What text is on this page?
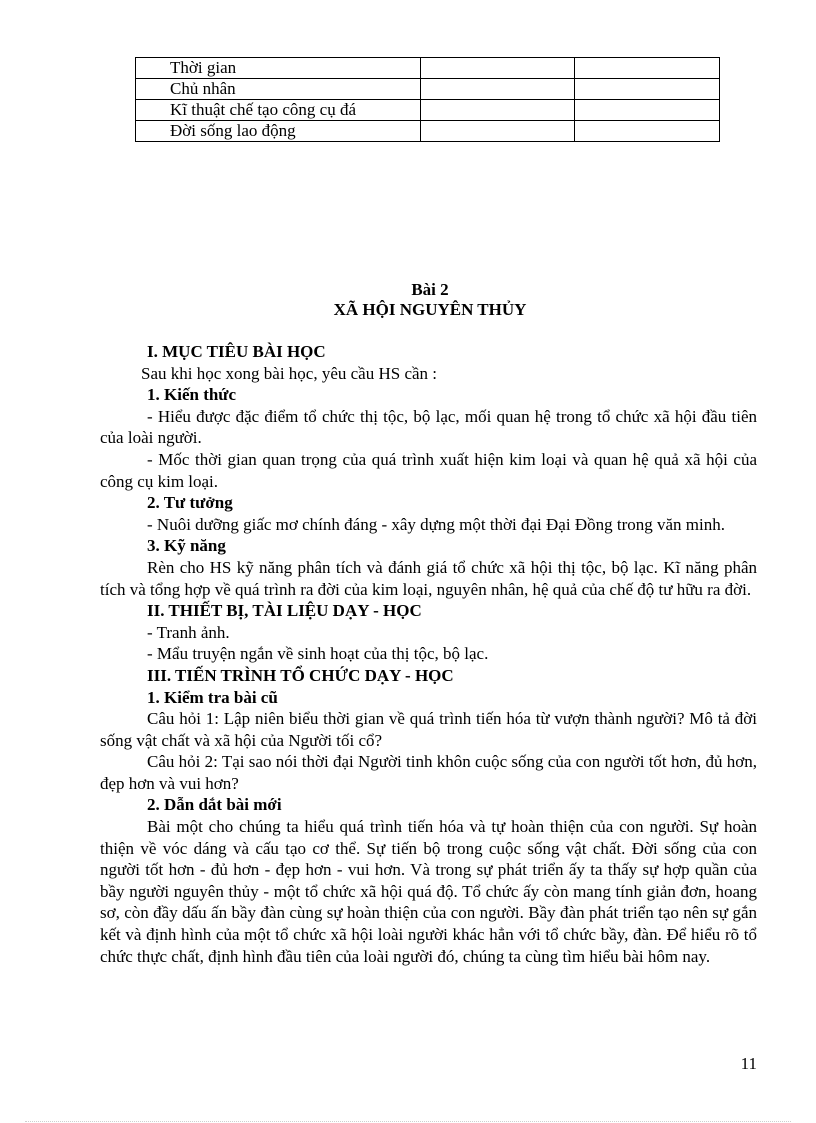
Thời gian		
Chủ nhân		
Kĩ thuật chế tạo công cụ đá		
Đời sống lao động		
Bài 2
XÃ HỘI NGUYÊN THỦY

I. MỤC TIÊU BÀI HỌC

Sau khi học xong bài học, yêu cầu HS cần :

1. Kiến thức

- Hiểu được đặc điểm tổ chức thị tộc, bộ lạc, mối quan hệ trong tổ chức xã hội đầu tiên của loài người.

- Mốc thời gian quan trọng của quá trình xuất hiện kim loại và quan hệ quả xã hội của công cụ kim loại.

2. Tư tưởng

- Nuôi dưỡng giấc mơ chính đáng - xây dựng một thời đại Đại Đồng trong văn minh.

3. Kỹ năng

Rèn cho HS kỹ năng phân tích và đánh giá tổ chức xã hội thị tộc, bộ lạc. Kĩ năng phân tích và tổng hợp về quá trình ra đời của kim loại, nguyên nhân, hệ quả của chế độ tư hữu ra đời.

II. THIẾT BỊ, TÀI LIỆU DẠY - HỌC

- Tranh ảnh.

- Mẩu truyện ngắn về sinh hoạt của thị tộc, bộ lạc.

III. TIẾN TRÌNH TỔ CHỨC DẠY - HỌC

1. Kiểm tra bài cũ

Câu hỏi 1: Lập niên biểu thời gian về quá trình tiến hóa từ vượn thành người? Mô tả đời sống vật chất và xã hội của Người tối cổ?

Câu hỏi 2: Tại sao nói thời đại Người tinh khôn cuộc sống của con người tốt hơn, đủ hơn, đẹp hơn và vui hơn?

2. Dẫn dắt bài mới

Bài một cho chúng ta hiểu quá trình tiến hóa và tự hoàn thiện của con người. Sự hoàn thiện về vóc dáng và cấu tạo cơ thể. Sự tiến bộ trong cuộc sống vật chất. Đời sống của con người tốt hơn - đủ hơn - đẹp hơn - vui hơn. Và trong sự phát triển ấy ta thấy sự hợp quần của bầy người nguyên thủy - một tổ chức xã hội quá độ. Tổ chức ấy còn mang tính giản đơn, hoang sơ, còn đầy dấu ấn bầy đàn cùng sự hoàn thiện của con người. Bầy đàn phát triển tạo nên sự gắn kết và định hình của một tổ chức xã hội loài người khác hẳn với tổ chức bầy, đàn. Để hiểu rõ tổ chức thực chất, định hình đầu tiên của loài người đó, chúng ta cùng tìm hiểu bài hôm nay.

11
